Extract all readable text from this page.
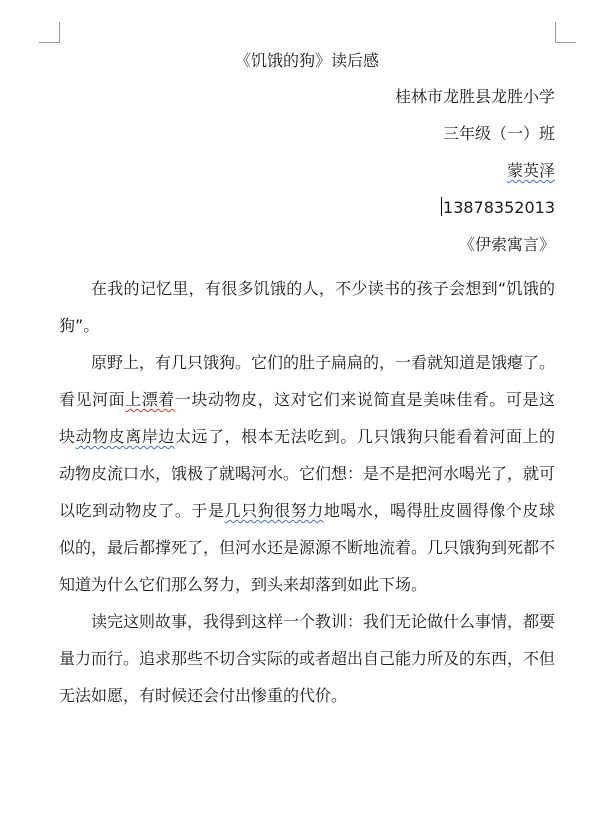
《饥饿的狗》读后感
桂林市龙胜县龙胜小学
三年级（一）班
蒙英泽
13878352013
《伊索寓言》

在我的记忆里，有很多饥饿的人，不少读书的孩子会想到“饥饿的狗”。

原野上，有几只饿狗。它们的肚子扁扁的，一看就知道是饿瘪了。看见河面上漂着一块动物皮，这对它们来说简直是美味佳肴。可是这块动物皮离岸边太远了，根本无法吃到。几只饿狗只能看着河面上的动物皮流口水，饿极了就喝河水。它们想：是不是把河水喝光了，就可以吃到动物皮了。于是几只狗很努力地喝水，喝得肚皮圆得像个皮球似的，最后都撑死了，但河水还是源源不断地流着。几只饿狗到死都不知道为什么它们那么努力，到头来却落到如此下场。

读完这则故事，我得到这样一个教训：我们无论做什么事情，都要量力而行。追求那些不切合实际的或者超出自己能力所及的东西，不但无法如愿，有时候还会付出惨重的代价。
